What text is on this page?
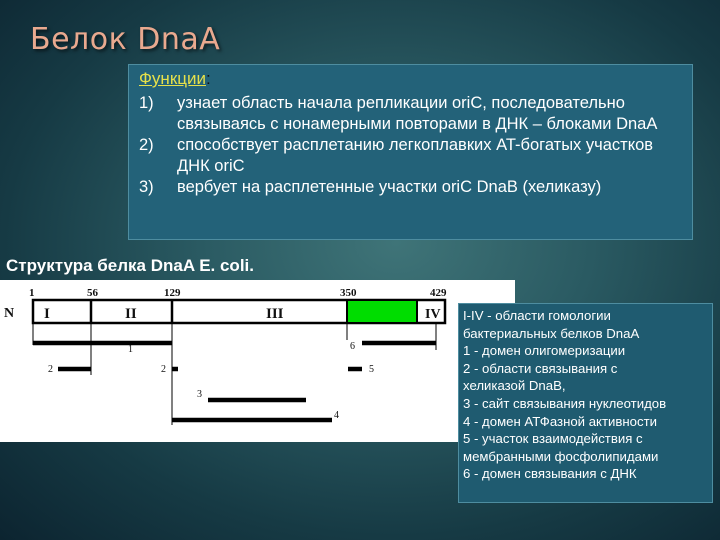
Белок DnaA
Функции:
1) узнает область начала репликации oriC, последовательно связываясь с нонамерными повторами в ДНК – блоками DnaA
2) способствует расплетанию легкоплавких AT-богатых участков ДНК oriC
3) вербует на расплетенные участки oriC DnaB (хеликазу)
Структура белка DnaA E. coli.
1	56	129	350	429
N I	II	III	IV
1
2	2
3
4
6
5
I-IV - области гомологии
бактериальных белков DnaA
1 - домен олигомеризации
2 - области связывания с
хеликазой DnaB,
3 - сайт связывания нуклеотидов
4 - домен АТФазной активности
5 - участок взаимодействия с
мембранными фосфолипидами
6 - домен связывания с ДНК
